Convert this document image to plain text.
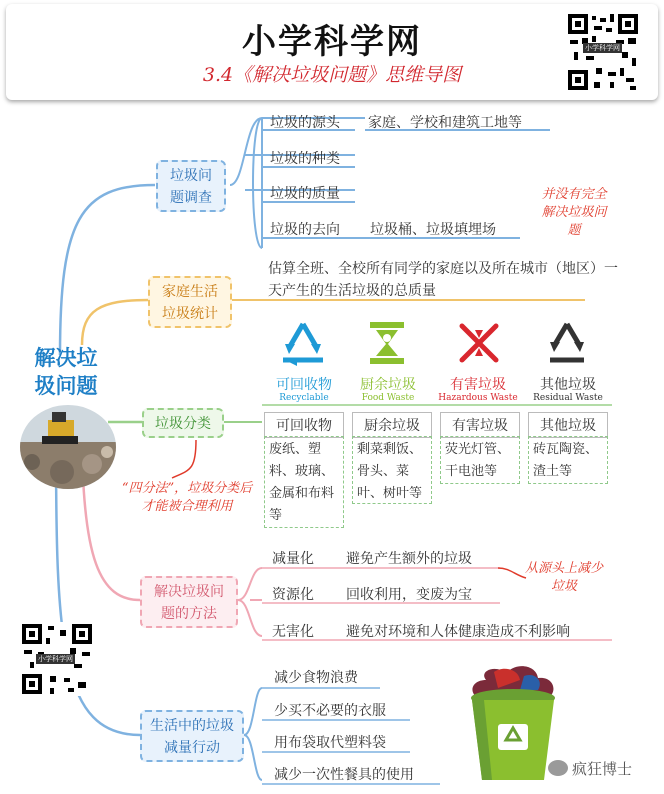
小学科学网
3.4《解决垃圾问题》思维导图
小学科学网
解决垃圾问题
垃圾问题调查
垃圾的源头 家庭、学校和建筑工地等
垃圾的种类
垃圾的质量
垃圾的去向 垃圾桶、垃圾填埋场
并没有完全解决垃圾问题
家庭生活垃圾统计
估算全班、全校所有同学的家庭以及所在城市（地区）一天产生的生活垃圾的总质量
垃圾分类
“四分法”，垃圾分类后才能被合理利用
可回收物
Recyclable
厨余垃圾
Food Waste
有害垃圾
Hazardous Waste
其他垃圾
Residual Waste
可回收物
废纸、塑料、玻璃、金属和布料等
厨余垃圾
剩菜剩饭、骨头、菜叶、树叶等
有害垃圾
荧光灯管、干电池等
其他垃圾
砖瓦陶瓷、渣土等
解决垃圾问题的方法
减量化 避免产生额外的垃圾
资源化 回收利用，变废为宝
无害化 避免对环境和人体健康造成不利影响
从源头上减少垃圾
小学科学网
生活中的垃圾减量行动
减少食物浪费
少买不必要的衣服
用布袋取代塑料袋
减少一次性餐具的使用	疯狂博士
